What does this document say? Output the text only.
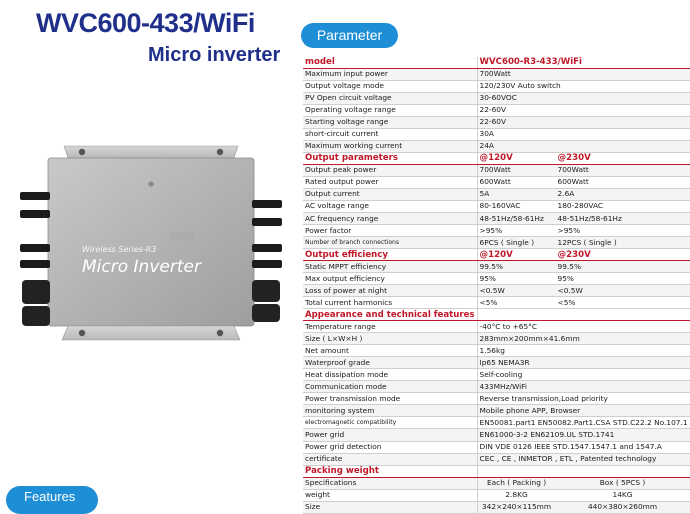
WVC600-433/WiFi
Micro inverter
Parameter
Wireless Series-R3
Micro Inverter
model	WVC600-R3-433/WiFi	
Maximum input power	700Watt	
Output voltage mode	120/230V Auto switch	
PV Open circuit voltage	30-60VOC	
Operating voltage range	22-60V	
Starting voltage range	22-60V	
short-circuit current	30A	
Maximum working current	24A	
Output parameters	@120V	@230V
Output peak power	700Watt	700Watt
Rated output power	600Watt	600Watt
Output current	5A	2.6A
AC voltage range	80-160VAC	180-280VAC
AC frequency range	48-51Hz/58-61Hz	48-51Hz/58-61Hz
Power factor	>95%	>95%
Number of branch connections	6PCS ( Single )	12PCS ( Single )
Output efficiency	@120V	@230V
Static MPPT efficiency	99.5%	99.5%
Max output efficiency	95%	95%
Loss of power at night	<0.5W	<0.5W
Total current harmonics	<5%	<5%
Appearance and technical features		
Temperature range	-40°C to +65°C	
Size ( L×W×H )	283mm×200mm×41.6mm	
Net amount	1.56kg	
Waterproof grade	Ip65 NEMA3R	
Heat dissipation mode	Self-cooling	
Communication mode	433MHz/WiFi	
Power transmission mode	Reverse transmission,Load priority	
monitoring system	Mobile phone APP, Browser	
electromagnetic compatibility	EN50081.part1 EN50082.Part1.CSA STD.C22.2 No.107.1	
Power grid	EN61000-3-2 EN62109.UL STD.1741	
Power grid detection	DIN VDE 0126 IEEE STD.1547.1547.1 and 1547.A	
certificate	CEC , CE , INMETOR , ETL , Patented technology	
Packing weight		
Specifications	Each ( Packing )	Box ( 5PCS )
weight	2.8KG	14KG
Size	342×240×115mm	440×380×260mm
Features
